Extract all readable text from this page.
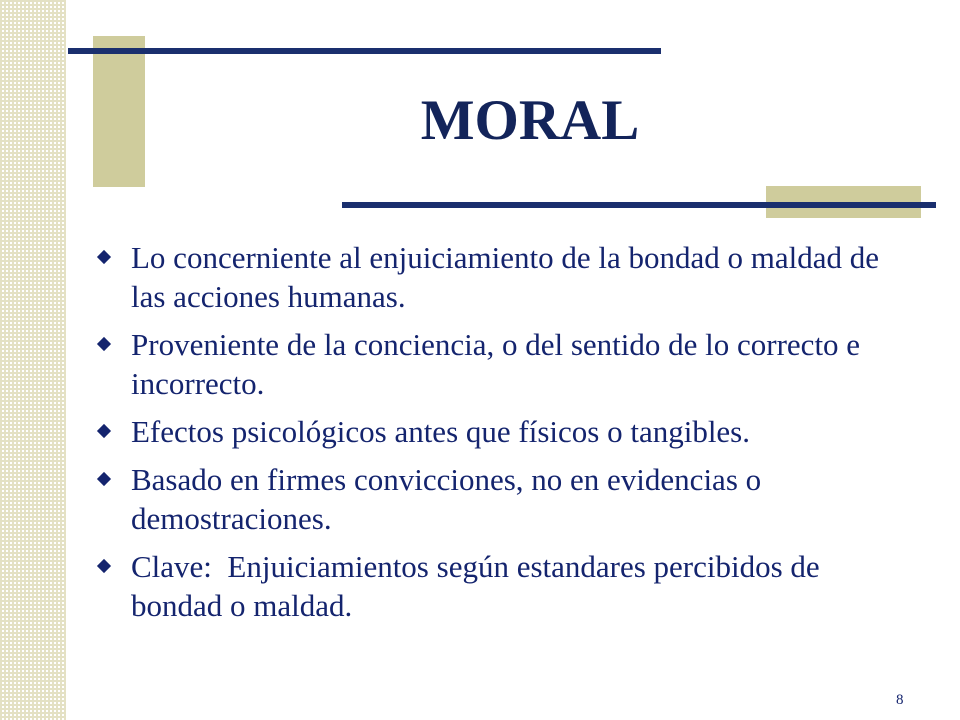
MORAL
Lo concerniente al enjuiciamiento de la bondad o maldad de las acciones humanas.
Proveniente de la conciencia, o del sentido de lo correcto e incorrecto.
Efectos psicológicos antes que físicos o tangibles.
Basado en firmes convicciones, no en evidencias o demostraciones.
Clave:  Enjuiciamientos según estandares percibidos de bondad o maldad.
8
